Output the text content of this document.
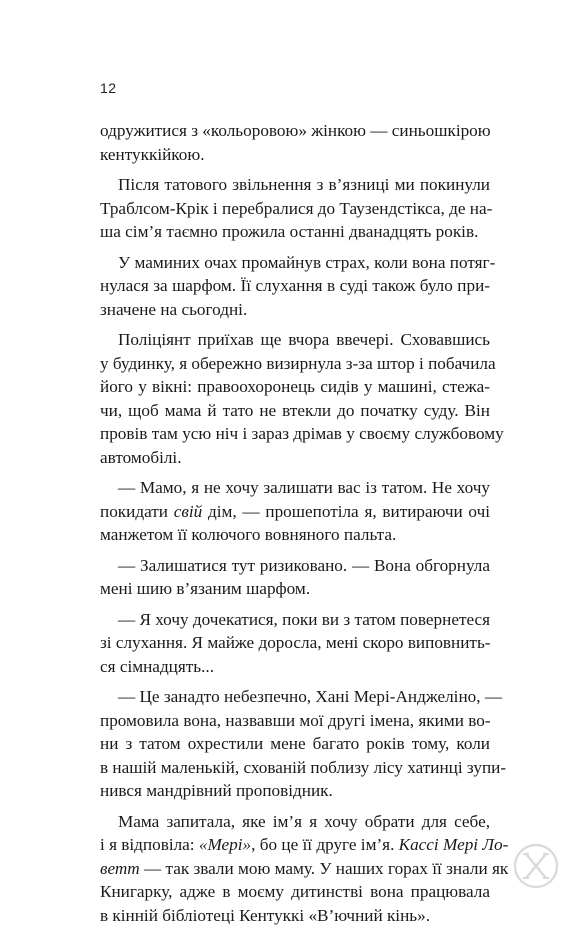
12

одружитися з «кольоровою» жінкою — синьошкірою
кентуккійкою.

Після татового звільнення з в’язниці ми покинули
Траблсом-Крік і перебралися до Таузендстікса, де на-
ша сім’я таємно прожила останні дванадцять років.

У маминих очах промайнув страх, коли вона потяг-
нулася за шарфом. Її слухання в суді також було при-
значене на сьогодні.

Поліціянт приїхав ще вчора ввечері. Сховавшись
у будинку, я обережно визирнула з-за штор і побачила
його у вікні: правоохоронець сидів у машині, стежа-
чи, щоб мама й тато не втекли до початку суду. Він
провів там усю ніч і зараз дрімав у своєму службовому
автомобілі.

— Мамо, я не хочу залишати вас із татом. Не хочу
покидати свій дім, — прошепотіла я, витираючи очі
манжетом її колючого вовняного пальта.

— Залишатися тут ризиковано. — Вона обгорнула
мені шию в’язаним шарфом.

— Я хочу дочекатися, поки ви з татом повернетеся
зі слухання. Я майже доросла, мені скоро виповнить-
ся сімнадцять...

— Це занадто небезпечно, Хані Мері-Анджеліно, —
промовила вона, назвавши мої другі імена, якими во-
ни з татом охрестили мене багато років тому, коли
в нашій маленькій, схованій поблизу лісу хатинці зупи-
нився мандрівний проповідник.

Мама запитала, яке ім’я я хочу обрати для себе,
і я відповіла: «Мері», бо це її друге ім’я. Кассі Мері Ло-
ветт — так звали мою маму. У наших горах її знали як
Книгарку, адже в моєму дитинстві вона працювала
в кінній бібліотеці Кентуккі «В’ючний кінь».
